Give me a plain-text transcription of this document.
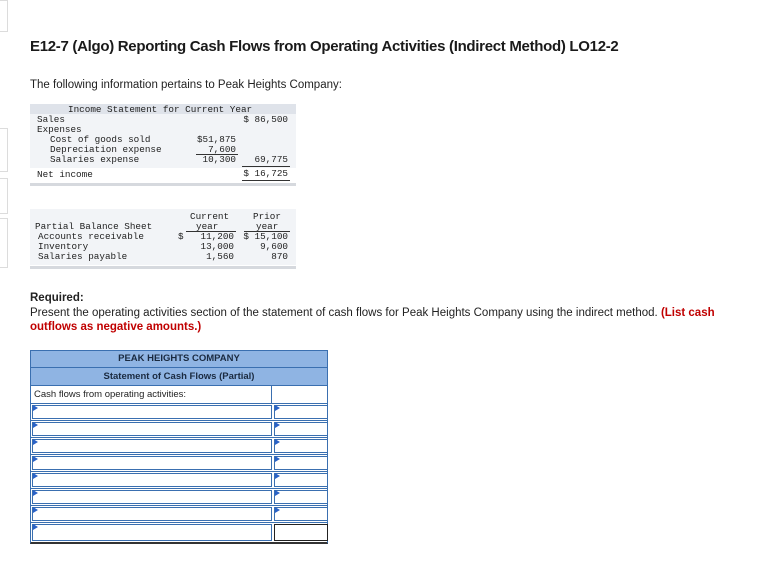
E12-7 (Algo) Reporting Cash Flows from Operating Activities (Indirect Method) LO12-2
The following information pertains to Peak Heights Company:
Income Statement for Current Year
Sales	$ 86,500
Expenses
Cost of goods sold	$51,875
Depreciation expense	7,600
Salaries expense	10,300	69,775
Net income	$ 16,725
Current
year
Prior
year
Partial Balance Sheet
Accounts receivable	$	11,200	$ 15,100
Inventory	13,000	9,600
Salaries payable	1,560	870
Required:
Present the operating activities section of the statement of cash flows for Peak Heights Company using the indirect method. (List cash outflows as negative amounts.)
PEAK HEIGHTS COMPANY
Statement of Cash Flows (Partial)
Cash flows from operating activities:
